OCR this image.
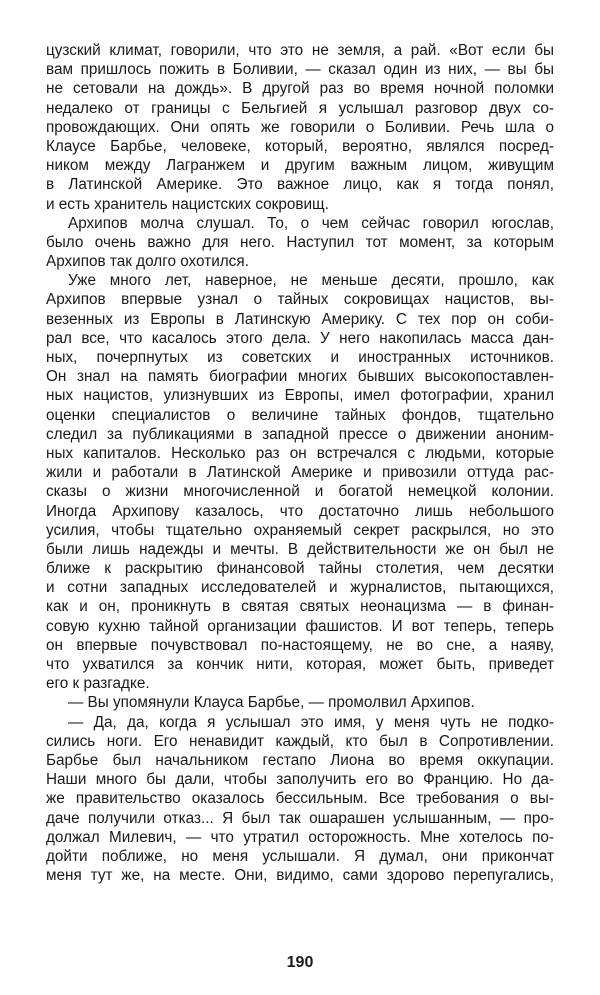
цузский климат, говорили, что это не земля, а рай. «Вот если бы
вам пришлось пожить в Боливии, — сказал один из них, — вы бы
не сетовали на дождь». В другой раз во время ночной поломки
недалеко от границы с Бельгией я услышал разговор двух со-
провождающих. Они опять же говорили о Боливии. Речь шла о
Клаусе Барбье, человеке, который, вероятно, являлся посред-
ником между Лагранжем и другим важным лицом, живущим
в Латинской Америке. Это важное лицо, как я тогда понял,
и есть хранитель нацистских сокровищ.
Архипов молча слушал. То, о чем сейчас говорил югослав,
было очень важно для него. Наступил тот момент, за которым
Архипов так долго охотился.
Уже много лет, наверное, не меньше десяти, прошло, как
Архипов впервые узнал о тайных сокровищах нацистов, вы-
везенных из Европы в Латинскую Америку. С тех пор он соби-
рал все, что касалось этого дела. У него накопилась масса дан-
ных, почерпнутых из советских и иностранных источников.
Он знал на память биографии многих бывших высокопоставлен-
ных нацистов, улизнувших из Европы, имел фотографии, хранил
оценки специалистов о величине тайных фондов, тщательно
следил за публикациями в западной прессе о движении аноним-
ных капиталов. Несколько раз он встречался с людьми, которые
жили и работали в Латинской Америке и привозили оттуда рас-
сказы о жизни многочисленной и богатой немецкой колонии.
Иногда Архипову казалось, что достаточно лишь небольшого
усилия, чтобы тщательно охраняемый секрет раскрылся, но это
были лишь надежды и мечты. В действительности же он был не
ближе к раскрытию финансовой тайны столетия, чем десятки
и сотни западных исследователей и журналистов, пытающихся,
как и он, проникнуть в святая святых неонацизма — в финан-
совую кухню тайной организации фашистов. И вот теперь, теперь
он впервые почувствовал по-настоящему, не во сне, а наяву,
что ухватился за кончик нити, которая, может быть, приведет
его к разгадке.
— Вы упомянули Клауса Барбье, — промолвил Архипов.
— Да, да, когда я услышал это имя, у меня чуть не подко-
сились ноги. Его ненавидит каждый, кто был в Сопротивлении.
Барбье был начальником гестапо Лиона во время оккупации.
Наши много бы дали, чтобы заполучить его во Францию. Но да-
же правительство оказалось бессильным. Все требования о вы-
даче получили отказ... Я был так ошарашен услышанным, — про-
должал Милевич, — что утратил осторожность. Мне хотелось по-
дойти поближе, но меня услышали. Я думал, они прикончат
меня тут же, на месте. Они, видимо, сами здорово перепугались,
190
